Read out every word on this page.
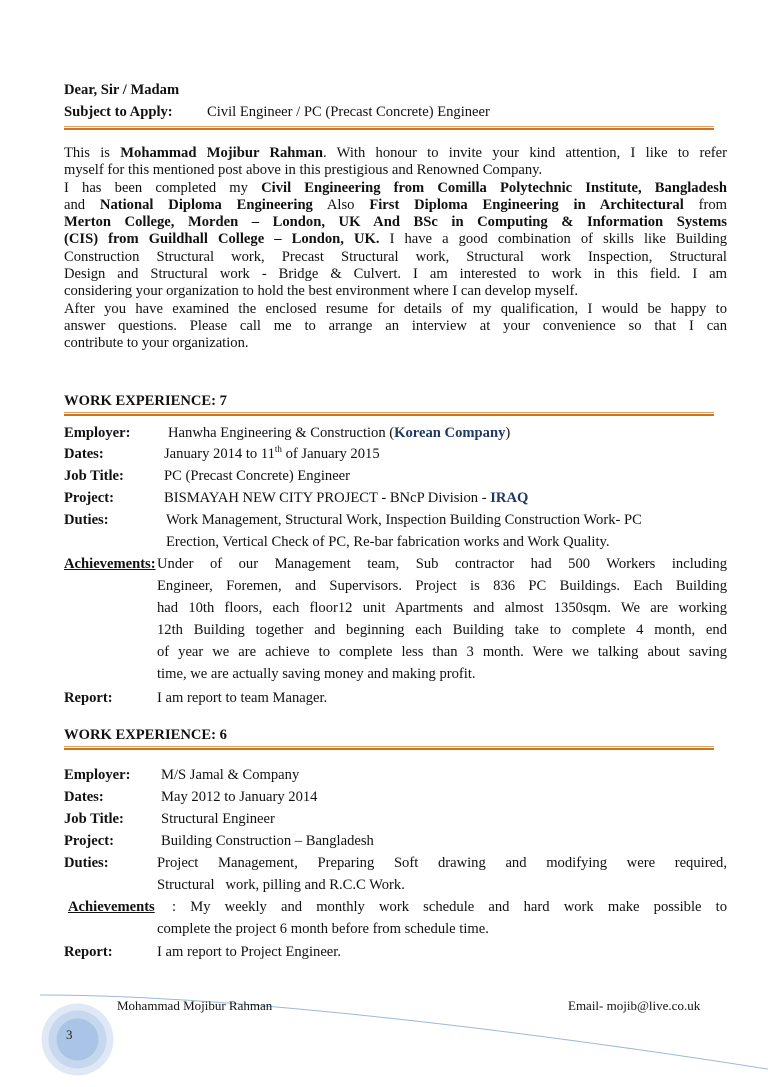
Dear, Sir / Madam
Subject to Apply: Civil Engineer / PC (Precast Concrete) Engineer
This is Mohammad Mojibur Rahman. With honour to invite your kind attention, I like to refer
myself for this mentioned post above in this prestigious and Renowned Company.
I has been completed my Civil Engineering from Comilla Polytechnic Institute, Bangladesh
and National Diploma Engineering Also First Diploma Engineering in Architectural from
Merton College, Morden – London, UK And BSc in Computing & Information Systems
(CIS) from Guildhall College – London, UK. I have a good combination of skills like Building
Construction Structural work, Precast Structural work, Structural work Inspection, Structural
Design and Structural work - Bridge & Culvert. I am interested to work in this field. I am
considering your organization to hold the best environment where I can develop myself.
After you have examined the enclosed resume for details of my qualification, I would be happy to
answer questions. Please call me to arrange an interview at your convenience so that I can
contribute to your organization.
WORK EXPERIENCE: 7
Employer:	Hanwha Engineering & Construction (Korean Company)
Dates:	January 2014 to 11th of January 2015
Job Title:	PC (Precast Concrete) Engineer
Project:	BISMAYAH NEW CITY PROJECT - BNcP Division - IRAQ
Duties:	Work Management, Structural Work, Inspection Building Construction Work- PC
Erection, Vertical Check of PC, Re-bar fabrication works and Work Quality.
Achievements: Under of our Management team, Sub contractor had 500 Workers including
Engineer, Foremen, and Supervisors. Project is 836 PC Buildings. Each Building
had 10th floors, each floor12 unit Apartments and almost 1350sqm. We are working
12th Building together and beginning each Building take to complete 4 month, end
of year we are achieve to complete less than 3 month. Were we talking about saving
time, we are actually saving money and making profit.
Report:	I am report to team Manager.
WORK EXPERIENCE: 6
Employer: M/S Jamal & Company
Dates:	May 2012 to January 2014
Job Title:	Structural Engineer
Project:	Building Construction – Bangladesh
Duties:	Project Management, Preparing Soft drawing and modifying were required,
Structural   work, pilling and R.C.C Work.
Achievements : My weekly and monthly work schedule and hard work make possible to
complete the project 6 month before from schedule time.
Report:	I am report to Project Engineer.
3
Mohammad Mojibur Rahman	Email- mojib@live.co.uk
